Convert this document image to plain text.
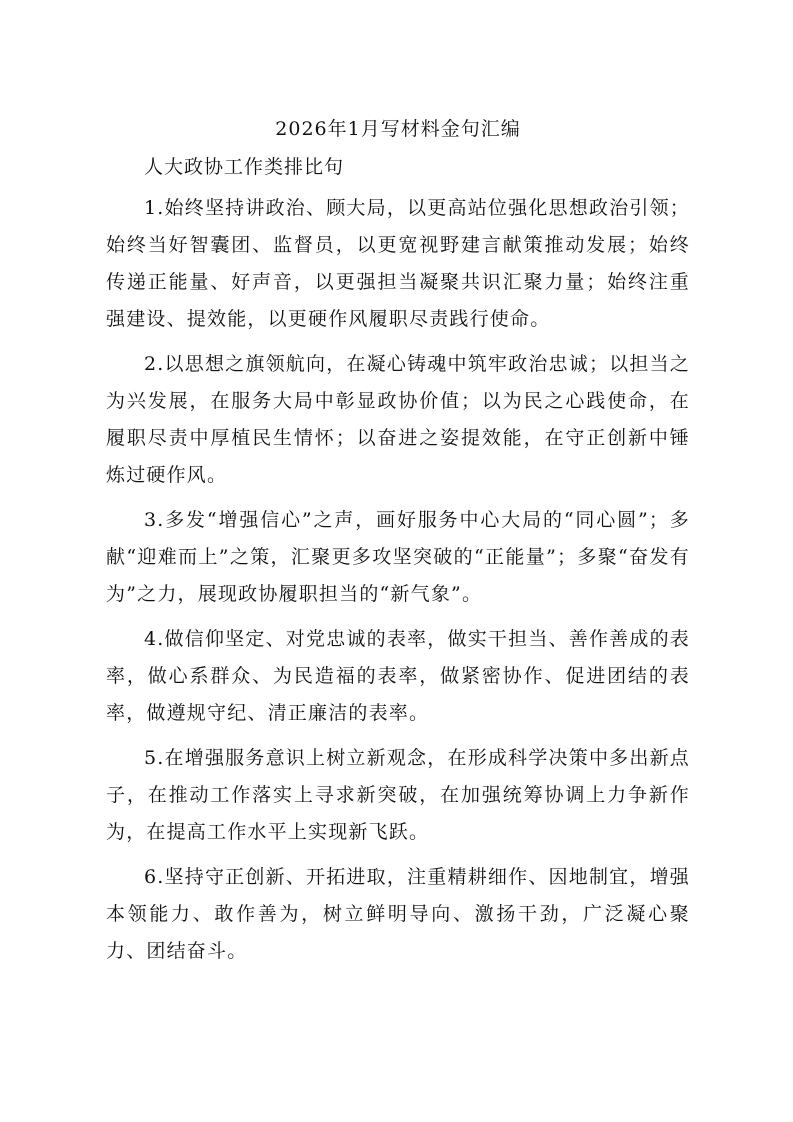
2026年1月写材料金句汇编

人大政协工作类排比句

1.始终坚持讲政治、顾大局，以更高站位强化思想政治引领；始终当好智囊团、监督员，以更宽视野建言献策推动发展；始终传递正能量、好声音，以更强担当凝聚共识汇聚力量；始终注重强建设、提效能，以更硬作风履职尽责践行使命。

2.以思想之旗领航向，在凝心铸魂中筑牢政治忠诚；以担当之为兴发展，在服务大局中彰显政协价值；以为民之心践使命，在履职尽责中厚植民生情怀；以奋进之姿提效能，在守正创新中锤炼过硬作风。

3.多发“增强信心”之声，画好服务中心大局的“同心圆”；多献“迎难而上”之策，汇聚更多攻坚突破的“正能量”；多聚“奋发有为”之力，展现政协履职担当的“新气象”。

4.做信仰坚定、对党忠诚的表率，做实干担当、善作善成的表率，做心系群众、为民造福的表率，做紧密协作、促进团结的表率，做遵规守纪、清正廉洁的表率。

5.在增强服务意识上树立新观念，在形成科学决策中多出新点子，在推动工作落实上寻求新突破，在加强统筹协调上力争新作为，在提高工作水平上实现新飞跃。

6.坚持守正创新、开拓进取，注重精耕细作、因地制宜，增强本领能力、敢作善为，树立鲜明导向、激扬干劲，广泛凝心聚力、团结奋斗。
